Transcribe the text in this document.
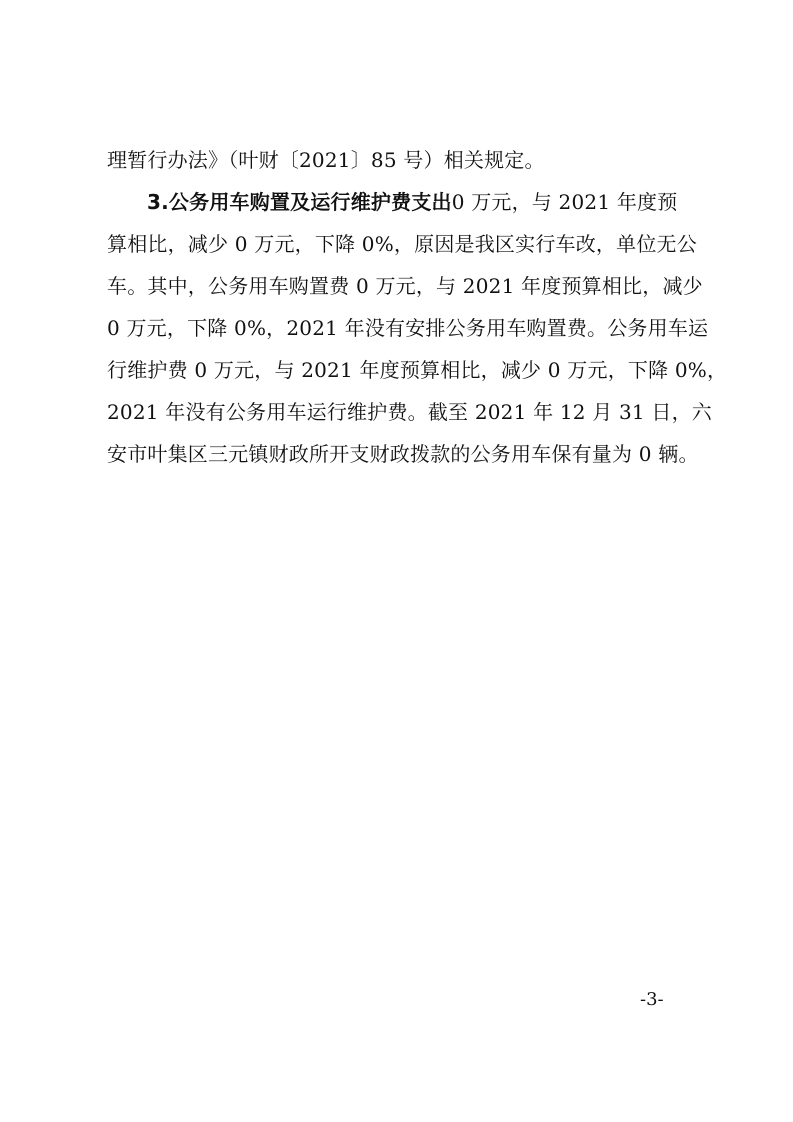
理暂行办法》（叶财〔2021〕85 号）相关规定。
3.公务用车购置及运行维护费支出0 万元，与 2021 年度预
算相比，减少 0 万元，下降 0%，原因是我区实行车改，单位无公
车。其中，公务用车购置费 0 万元，与 2021 年度预算相比，减少
0 万元，下降 0%，2021 年没有安排公务用车购置费。公务用车运
行维护费 0 万元，与 2021 年度预算相比，减少 0 万元，下降 0%，
2021 年没有公务用车运行维护费。截至 2021 年 12 月 31 日，六
安市叶集区三元镇财政所开支财政拨款的公务用车保有量为 0 辆。
-3-
